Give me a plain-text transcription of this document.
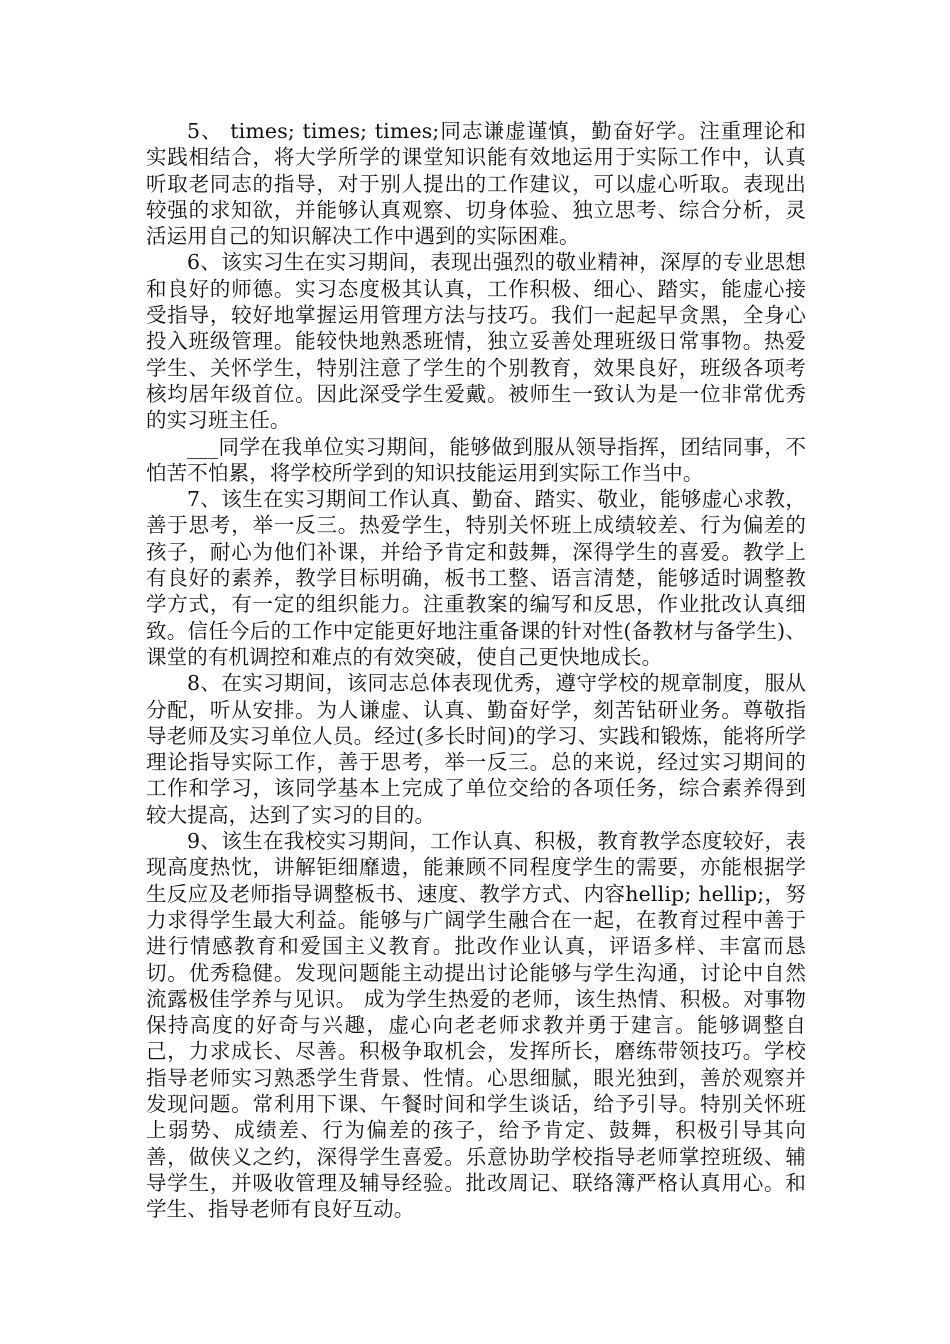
5、 times; times; times;同志谦虚谨慎，勤奋好学。注重理论和实践相结合，将大学所学的课堂知识能有效地运用于实际工作中，认真听取老同志的指导，对于别人提出的工作建议，可以虚心听取。表现出较强的求知欲，并能够认真观察、切身体验、独立思考、综合分析，灵活运用自己的知识解决工作中遇到的实际困难。

6、该实习生在实习期间，表现出强烈的敬业精神，深厚的专业思想和良好的师德。实习态度极其认真，工作积极、细心、踏实，能虚心接受指导，较好地掌握运用管理方法与技巧。我们一起起早贪黑，全身心投入班级管理。能较快地熟悉班情，独立妥善处理班级日常事物。热爱学生、关怀学生，特别注意了学生的个别教育，效果良好，班级各项考核均居年级首位。因此深受学生爱戴。被师生一致认为是一位非常优秀的实习班主任。

___同学在我单位实习期间，能够做到服从领导指挥，团结同事，不怕苦不怕累，将学校所学到的知识技能运用到实际工作当中。

7、该生在实习期间工作认真、勤奋、踏实、敬业，能够虚心求教，善于思考，举一反三。热爱学生，特别关怀班上成绩较差、行为偏差的孩子，耐心为他们补课，并给予肯定和鼓舞，深得学生的喜爱。教学上有良好的素养，教学目标明确，板书工整、语言清楚，能够适时调整教学方式，有一定的组织能力。注重教案的编写和反思，作业批改认真细致。信任今后的工作中定能更好地注重备课的针对性(备教材与备学生)、课堂的有机调控和难点的有效突破，使自己更快地成长。

8、在实习期间，该同志总体表现优秀，遵守学校的规章制度，服从分配，听从安排。为人谦虚、认真、勤奋好学，刻苦钻研业务。尊敬指导老师及实习单位人员。经过(多长时间)的学习、实践和锻炼，能将所学理论指导实际工作，善于思考，举一反三。总的来说，经过实习期间的工作和学习，该同学基本上完成了单位交给的各项任务，综合素养得到较大提高，达到了实习的目的。

9、该生在我校实习期间，工作认真、积极，教育教学态度较好，表现高度热忱，讲解钜细靡遗，能兼顾不同程度学生的需要，亦能根据学生反应及老师指导调整板书、速度、教学方式、内容hellip; hellip;，努力求得学生最大利益。能够与广阔学生融合在一起，在教育过程中善于进行情感教育和爱国主义教育。批改作业认真，评语多样、丰富而恳切。优秀稳健。发现问题能主动提出讨论能够与学生沟通，讨论中自然流露极佳学养与见识。 成为学生热爱的老师，该生热情、积极。对事物保持高度的好奇与兴趣，虚心向老老师求教并勇于建言。能够调整自己，力求成长、尽善。积极争取机会，发挥所长，磨练带领技巧。学校指导老师实习熟悉学生背景、性情。心思细腻，眼光独到，善於观察并发现问题。常利用下课、午餐时间和学生谈话，给予引导。特别关怀班上弱势、成绩差、行为偏差的孩子，给予肯定、鼓舞，积极引导其向善，做侠义之约，深得学生喜爱。乐意协助学校指导老师掌控班级、辅导学生，并吸收管理及辅导经验。批改周记、联络簿严格认真用心。和学生、指导老师有良好互动。
